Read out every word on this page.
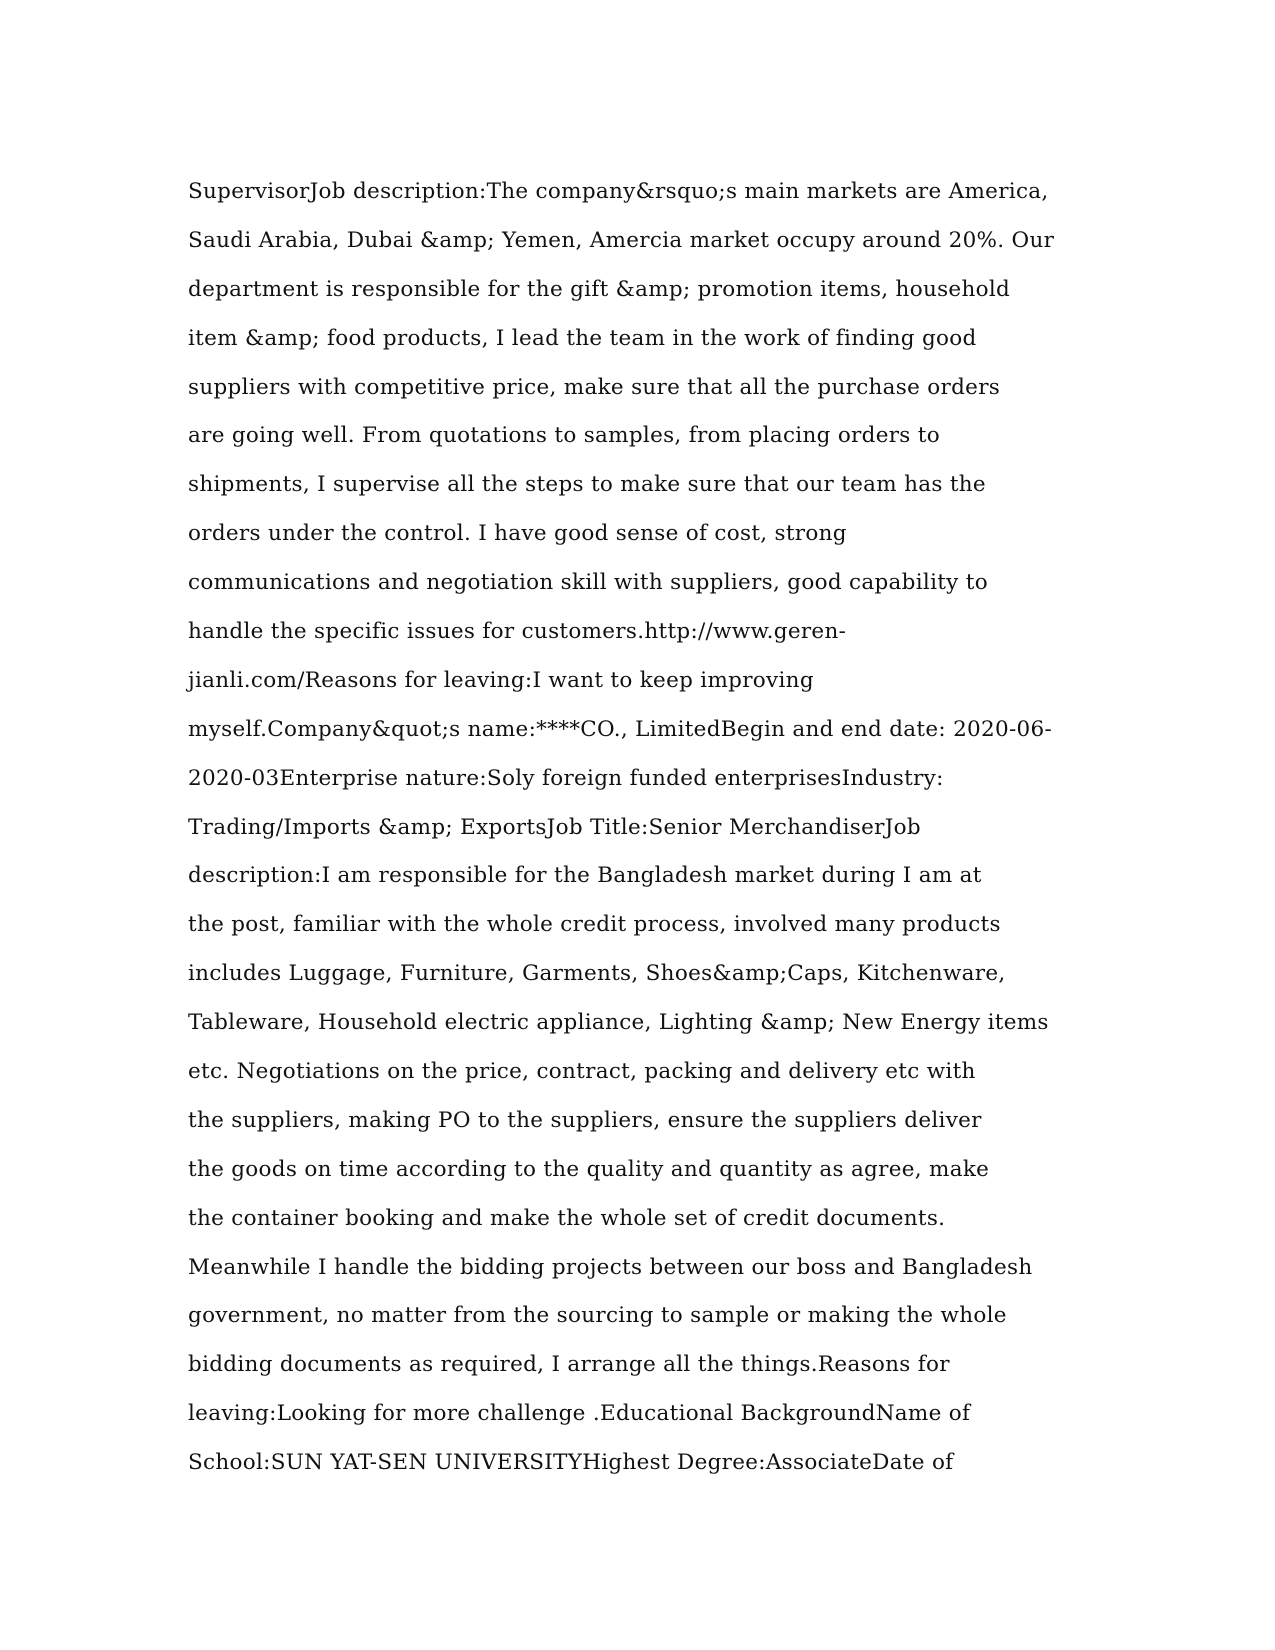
SupervisorJob description:The company&rsquo;s main markets are America,
Saudi Arabia, Dubai &amp; Yemen, Amercia market occupy around 20%. Our
department is responsible for the gift &amp; promotion items, household
item &amp; food products, I lead the team in the work of finding good
suppliers with competitive price, make sure that all the purchase orders
are going well. From quotations to samples, from placing orders to
shipments, I supervise all the steps to make sure that our team has the
orders under the control. I have good sense of cost, strong
communications and negotiation skill with suppliers, good capability to
handle the specific issues for customers.http://www.geren-
jianli.com/Reasons for leaving:I want to keep improving
myself.Company&quot;s name:****CO., LimitedBegin and end date: 2020-06-
2020-03Enterprise nature:Soly foreign funded enterprisesIndustry:
Trading/Imports &amp; ExportsJob Title:Senior MerchandiserJob
description:I am responsible for the Bangladesh market during I am at
the post, familiar with the whole credit process, involved many products
includes Luggage, Furniture, Garments, Shoes&amp;Caps, Kitchenware,
Tableware, Household electric appliance, Lighting &amp; New Energy items
etc. Negotiations on the price, contract, packing and delivery etc with
the suppliers, making PO to the suppliers, ensure the suppliers deliver
the goods on time according to the quality and quantity as agree, make
the container booking and make the whole set of credit documents.
Meanwhile I handle the bidding projects between our boss and Bangladesh
government, no matter from the sourcing to sample or making the whole
bidding documents as required, I arrange all the things.Reasons for
leaving:Looking for more challenge .Educational BackgroundName of
School:SUN YAT-SEN UNIVERSITYHighest Degree:AssociateDate of
